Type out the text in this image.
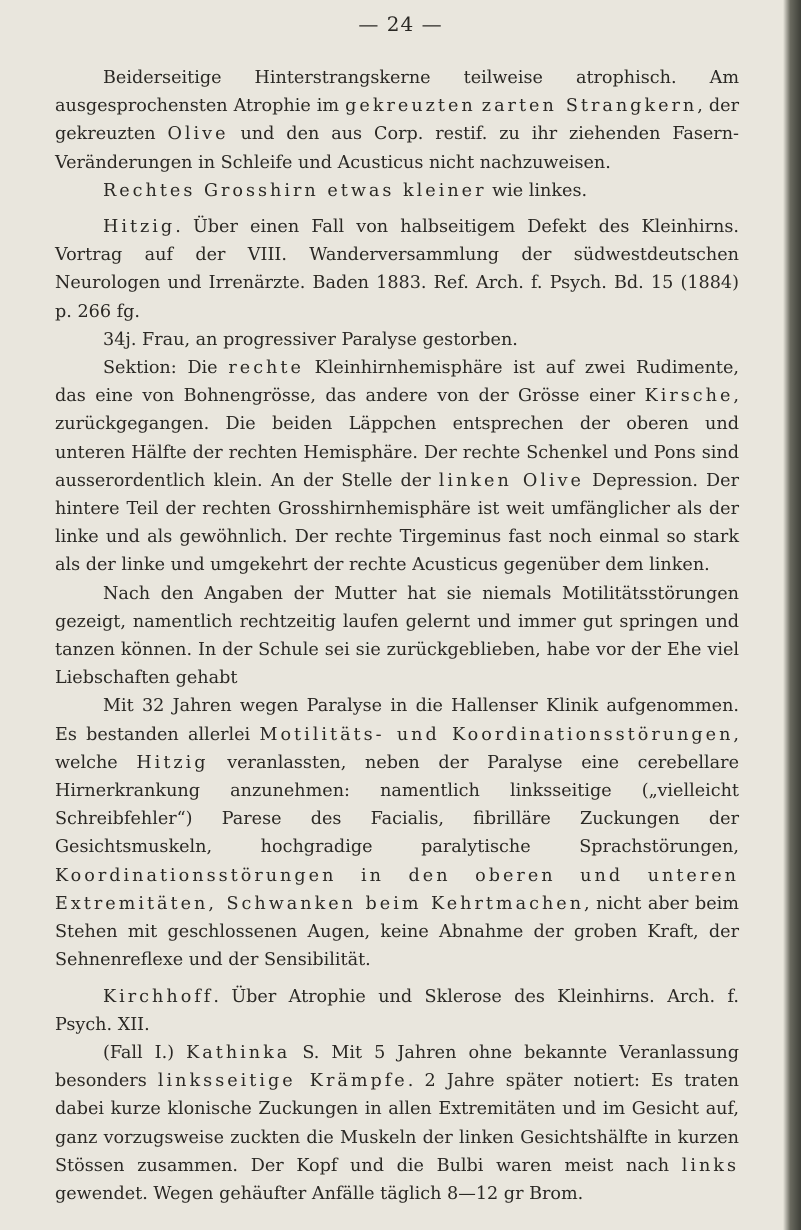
— 24 —

Beiderseitige Hinterstrangskerne teilweise atrophisch. Am ausgesprochensten Atrophie im gekreuzten zarten Strangkern, der gekreuzten Olive und den aus Corp. restif. zu ihr ziehenden Fasern-Veränderungen in Schleife und Acusticus nicht nachzuweisen.

Rechtes Grosshirn etwas kleiner wie linkes.

Hitzig. Über einen Fall von halbseitigem Defekt des Kleinhirns. Vortrag auf der VIII. Wanderversammlung der südwestdeutschen Neurologen und Irrenärzte. Baden 1883. Ref. Arch. f. Psych. Bd. 15 (1884) p. 266 fg.

34j. Frau, an progressiver Paralyse gestorben.

Sektion: Die rechte Kleinhirnhemisphäre ist auf zwei Rudimente, das eine von Bohnengrösse, das andere von der Grösse einer Kirsche, zurückgegangen. Die beiden Läppchen entsprechen der oberen und unteren Hälfte der rechten Hemisphäre. Der rechte Schenkel und Pons sind ausserordentlich klein. An der Stelle der linken Olive Depression. Der hintere Teil der rechten Grosshirnhemisphäre ist weit umfänglicher als der linke und als gewöhnlich. Der rechte Tirgeminus fast noch einmal so stark als der linke und umgekehrt der rechte Acusticus gegenüber dem linken.

Nach den Angaben der Mutter hat sie niemals Motilitätsstörungen gezeigt, namentlich rechtzeitig laufen gelernt und immer gut springen und tanzen können. In der Schule sei sie zurückgeblieben, habe vor der Ehe viel Liebschaften gehabt

Mit 32 Jahren wegen Paralyse in die Hallenser Klinik aufgenommen. Es bestanden allerlei Motilitäts- und Koordinationsstörungen, welche Hitzig veranlassten, neben der Paralyse eine cerebellare Hirnerkrankung anzunehmen: namentlich linksseitige („vielleicht Schreibfehler“) Parese des Facialis, fibrilläre Zuckungen der Gesichtsmuskeln, hochgradige paralytische Sprachstörungen, Koordinationsstörungen in den oberen und unteren Extremitäten, Schwanken beim Kehrtmachen, nicht aber beim Stehen mit geschlossenen Augen, keine Abnahme der groben Kraft, der Sehnenreflexe und der Sensibilität.

Kirchhoff. Über Atrophie und Sklerose des Kleinhirns. Arch. f. Psych. XII.

(Fall I.) Kathinka S. Mit 5 Jahren ohne bekannte Veranlassung besonders linksseitige Krämpfe. 2 Jahre später notiert: Es traten dabei kurze klonische Zuckungen in allen Extremitäten und im Gesicht auf, ganz vorzugsweise zuckten die Muskeln der linken Gesichtshälfte in kurzen Stössen zusammen. Der Kopf und die Bulbi waren meist nach links gewendet. Wegen gehäufter Anfälle täglich 8—12 gr Brom.
